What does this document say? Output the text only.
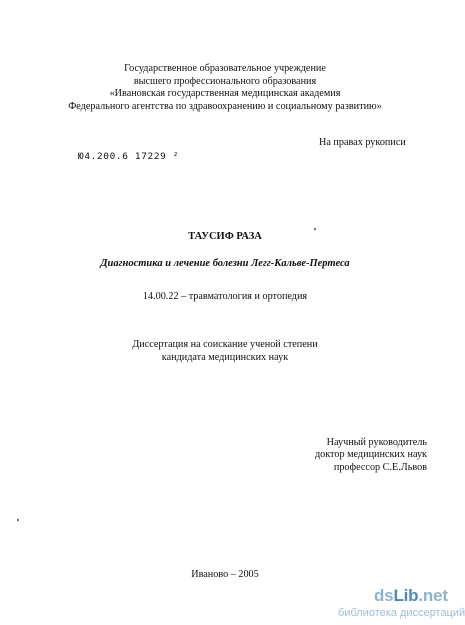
Государственное образовательное учреждение
высшего профессионального образования
«Ивановская государственная медицинская академия
Федерального агентства по здравоохранению и социальному развитию»
На правах рукописи
Ю4.200.6 17229 ²
ТАУСИФ РАЗА
Диагностика и лечение болезни Легг-Кальве-Пертеса
14.00.22 – травматология и ортопедия
Диссертация на соискание ученой степени
кандидата медицинских наук
Научный руководитель
доктор медицинских наук
профессор С.Е.Львов
Иваново – 2005
dsLib.net
библиотека диссертаций
